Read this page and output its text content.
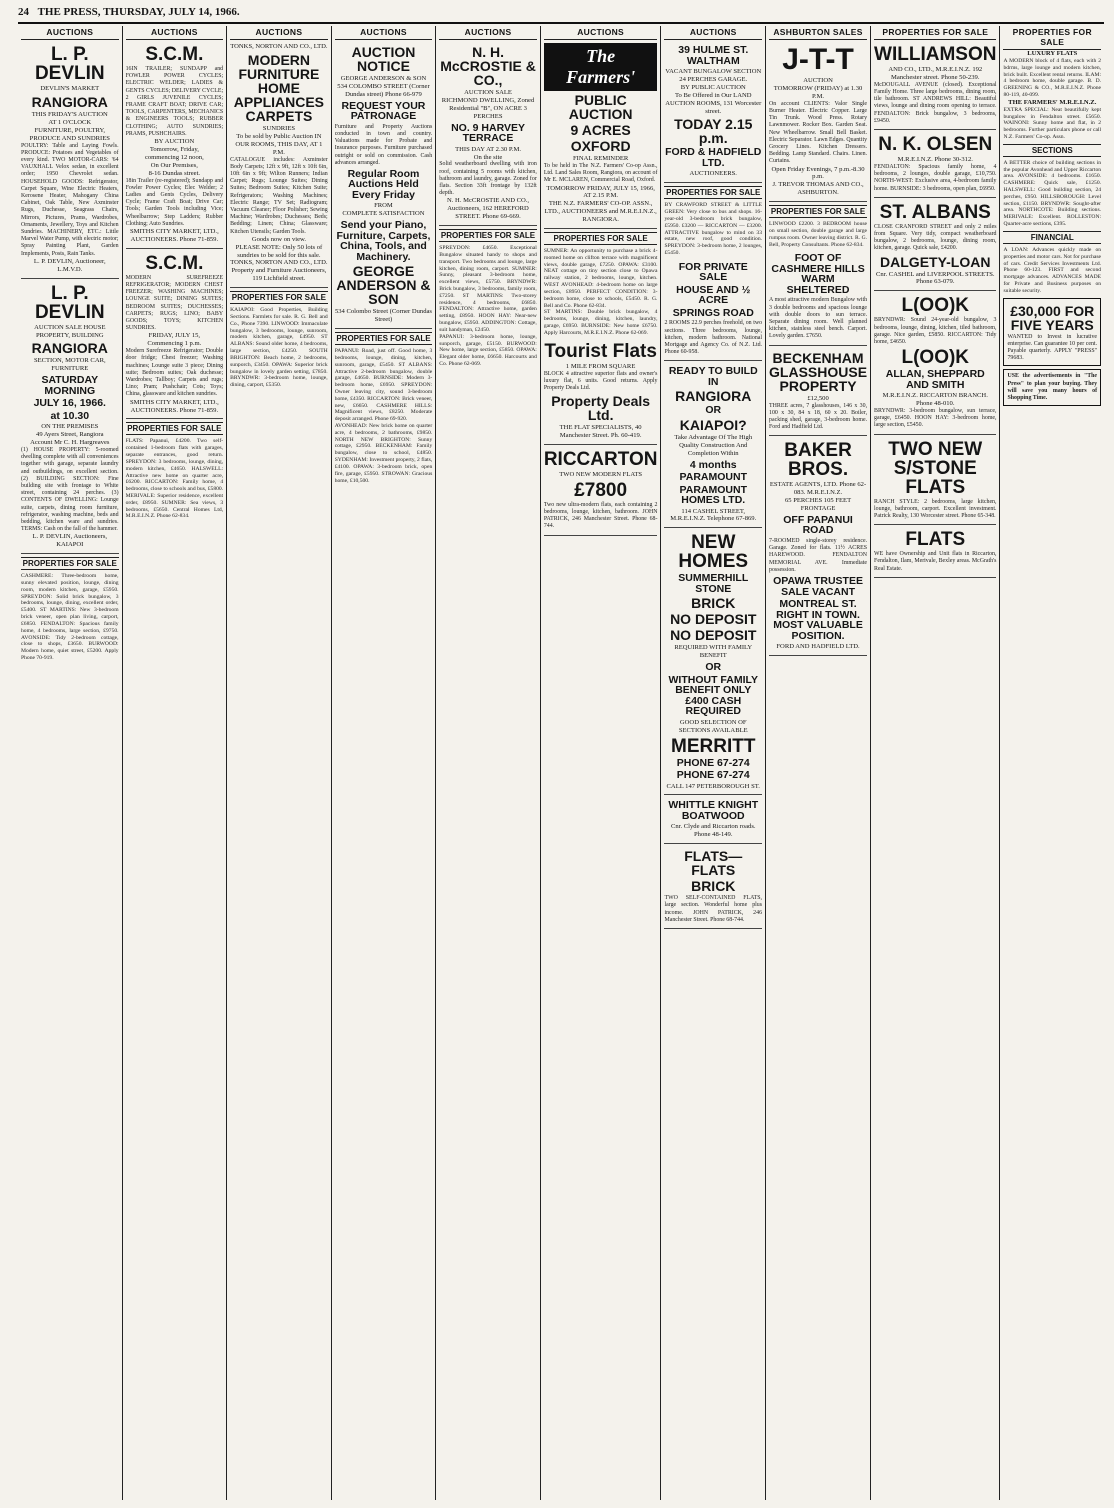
24 THE PRESS, THURSDAY, JULY 14, 1966.
AUCTIONS
L. P. DEVLIN
DEVLIN'S MARKET
RANGIORA
THIS FRIDAY'S AUCTION
AT 1 O'CLOCK
FURNITURE, POULTRY, PRODUCE AND SUNDRIES
POULTRY: Table and Laying Fowls. PRODUCE: Potatoes and Vegetables of every kind. TWO MOTOR-CARS: '64 VAUXHALL Velox sedan, in excellent order; 1950 Chevrolet sedan. HOUSEHOLD GOODS: Refrigerator, Carpet Square, Wine Electric Heaters, Kerosene Heater, Mahogany China Cabinet, Oak Table, New Axminster Rugs, Duchesse, Seagrass Chairs, Mirrors, Pictures, Prams, Wardrobes, Ornaments, Jewellery, Toys and Kitchen Sundries. MACHINERY, ETC.: Little Marvel Water Pump, with electric motor; Spray Painting Plant, Garden Implements, Posts, Rain Tanks.
L. P. DEVLIN, Auctioneer, L.M.V.D.
L. P. DEVLIN
AUCTION SALE HOUSE PROPERTY, BUILDING
RANGIORA
SECTION, MOTOR CAR, FURNITURE
SATURDAY MORNING
JULY 16, 1966.
at 10.30
ON THE PREMISES
49 Ayers Street, Rangiora
Account Mr C. H. Hargreaves
(1) HOUSE PROPERTY: 5-roomed dwelling complete with all conveniences together with garage, separate laundry and outbuildings, on excellent section. (2) BUILDING SECTION: Fine building site with frontage to White street, containing 24 perches. (3) CONTENTS OF DWELLING: Lounge suite, carpets, dining room furniture, refrigerator, washing machine, beds and bedding, kitchen ware and sundries. TERMS: Cash on the fall of the hammer.
L. P. DEVLIN, Auctioneers, KAIAPOI
PROPERTIES FOR SALE
CASHMERE: Three-bedroom home, sunny elevated position, lounge, dining room, modern kitchen, garage, £5950. SPREYDON: Solid brick bungalow, 3 bedrooms, lounge, dining, excellent order, £5400. ST MARTINS: New 3-bedroom brick veneer, open plan living, carport, £6850. FENDALTON: Spacious family home, 4 bedrooms, large section, £9750. AVONSIDE: Tidy 2-bedroom cottage, close to shops, £3650. BURWOOD: Modern home, quiet street, £5200. Apply Phone 70-919.
AUCTIONS
S.C.M.
16IN TRAILER; SUNDAPP and FOWLER POWER CYCLES; ELECTRIC WELDER; LADIES & GENTS CYCLES; DELIVERY CYCLE; 2 GIRLS JUVENILE CYCLES; FRAME CRAFT BOAT; DRIVE CAR; TOOLS, CARPENTERS, MECHANICS & ENGINEERS TOOLS; RUBBER CLOTHING; AUTO SUNDRIES; PRAMS, PUSHCHAIRS.
BY AUCTION
Tomorrow, Friday,
commencing 12 noon,
On Our Premises,
8-16 Dundas street.
18in Trailer (re-registered); Sundapp and Fowler Power Cycles; Elec Welder; 2 Ladies and Gents Cycles, Delivery Cycle; Frame Craft Boat; Drive Car; Tools; Garden Tools including Vice; Wheelbarrow; Step Ladders; Rubber Clothing; Auto Sundries.
SMITHS CITY MARKET, LTD., AUCTIONEERS. Phone 71-859.
S.C.M.
MODERN SUREFREEZE REFRIGERATOR; MODERN CHEST FREEZER; WASHING MACHINES; LOUNGE SUITE; DINING SUITES; BEDROOM SUITES; DUCHESSES; CARPETS; RUGS; LINO; BABY GOODS; TOYS; KITCHEN SUNDRIES.
FRIDAY, JULY 15,
Commencing 1 p.m.
Modern Surefreeze Refrigerator; Double door fridge; Chest freezer; Washing machines; Lounge suite 3 piece; Dining suite; Bedroom suites; Oak duchesse; Wardrobes; Tallboy; Carpets and rugs; Lino; Pram; Pushchair; Cots; Toys; China, glassware and kitchen sundries.
SMITHS CITY MARKET, LTD., AUCTIONEERS. Phone 71-859.
PROPERTIES FOR SALE
FLATS: Papanui, £4200. Two self-contained 1-bedroom flats with garages, separate entrances, good return. SPREYDON: 3 bedrooms, lounge, dining, modern kitchen, £4650. HALSWELL: Attractive new home on quarter acre, £6200. RICCARTON: Family home, 4 bedrooms, close to schools and bus, £5800. MERIVALE: Superior residence, excellent order, £8950. SUMNER: Sea views, 3 bedrooms, £5650. Central Homes Ltd, M.R.E.I.N.Z. Phone 62-834.
AUCTIONS
TONKS, NORTON AND CO., LTD.
MODERN FURNITURE HOME APPLIANCES CARPETS
SUNDRIES
To be sold by Public Auction IN OUR ROOMS, THIS DAY, AT 1 P.M.
CATALOGUE includes: Axminster Body Carpets; 12ft x 9ft, 12ft x 10ft 6in, 10ft 6in x 9ft; Wilton Runners; Indian Carpet; Rugs; Lounge Suites; Dining Suites; Bedroom Suites; Kitchen Suite; Refrigerators; Washing Machines; Electric Range; TV Set; Radiogram; Vacuum Cleaner; Floor Polisher; Sewing Machine; Wardrobes; Duchesses; Beds; Bedding; Linen; China; Glassware; Kitchen Utensils; Garden Tools.
Goods now on view.
PLEASE NOTE: Only 50 lots of sundries to be sold for this sale.
TONKS, NORTON AND CO., LTD. Property and Furniture Auctioneers, 119 Lichfield street.
PROPERTIES FOR SALE
KAIAPOI: Good Properties, Building Sections. Farmlets for sale. R. G. Bell and Co., Phone 7390. LINWOOD: Immaculate bungalow, 3 bedrooms, lounge, sunroom, modern kitchen, garage, £4950. ST ALBANS: Sound older home, 4 bedrooms, large section, £4250. SOUTH BRIGHTON: Beach home, 2 bedrooms, sunporch, £3450. OPAWA: Superior brick bungalow in lovely garden setting, £7850. BRYNDWR: 3-bedroom home, lounge, dining, carport, £5350.
AUCTIONS
AUCTION NOTICE
GEORGE ANDERSON & SON
534 COLOMBO STREET (Corner Dundas street) Phone 66-979
REQUEST YOUR PATRONAGE
Furniture and Property Auctions conducted in town and country. Valuations made for Probate and Insurance purposes. Furniture purchased outright or sold on commission. Cash advances arranged.
Regular Room Auctions Held Every Friday
FROM
COMPLETE SATISFACTION
Send your Piano, Furniture, Carpets, China, Tools, and Machinery.
GEORGE ANDERSON & SON
534 Colombo Street (Corner Dundas Street)
PROPERTIES FOR SALE
PAPANUI: Road, just off. Good home, 3 bedrooms, lounge, dining, kitchen, sunroom, garage, £5450. ST ALBANS: Attractive 2-bedroom bungalow, double garage, £4650. BURNSIDE: Modern 3-bedroom home, £6950. SPREYDON: Owner leaving city, sound 3-bedroom home, £4350. RICCARTON: Brick veneer, new, £6650. CASHMERE HILLS: Magnificent views, £8250. Moderate deposit arranged. Phone 69-920.
AVONHEAD: New brick home on quarter acre, 4 bedrooms, 2 bathrooms, £9850. NORTH NEW BRIGHTON: Sunny cottage, £2950. BECKENHAM: Family bungalow, close to school, £4850. SYDENHAM: Investment property, 2 flats, £4100. OPAWA: 3-bedroom brick, open fire, garage, £5950. STROWAN: Gracious home, £10,500.
AUCTIONS
N. H. McCROSTIE & CO.,
AUCTION SALE
RICHMOND DWELLING, Zoned Residential "B", ON ACRE 3 PERCHES
NO. 9 HARVEY TERRACE
THIS DAY AT 2.30 P.M.
On the site
Solid weatherboard dwelling with iron roof, containing 5 rooms with kitchen, bathroom and laundry, garage. Zoned for flats. Section 33ft frontage by 132ft depth.
N. H. McCROSTIE AND CO., Auctioneers, 162 HEREFORD STREET. Phone 69-669.
PROPERTIES FOR SALE
SPREYDON: £4650. Exceptional Bungalow situated handy to shops and transport. Two bedrooms and lounge, large kitchen, dining room, carport. SUMNER: Sunny, pleasant 3-bedroom home, excellent views, £5750. BRYNDWR: Brick bungalow, 3 bedrooms, family room, £7250. ST MARTINS: Two-storey residence, 4 bedrooms, £6850. FENDALTON: Attractive home, garden setting, £8950. HOON HAY: Near-new bungalow, £5950. ADDINGTON: Cottage, suit handyman, £2450.
PAPANUI: 3-bedroom home, lounge, sunporch, garage, £5150. BURWOOD: New home, large section, £5850. OPAWA: Elegant older home, £6650. Harcourts and Co. Phone 62-069.
AUCTIONS
The Farmers'
PUBLIC AUCTION
9 ACRES
OXFORD
FINAL REMINDER
To be held in The N.Z. Farmers' Co-op Assn., Ltd. Land Sales Room, Rangiora, on account of Mr E. MCLAREN, Commercial Road, Oxford.
TOMORROW FRIDAY, JULY 15, 1966, AT 2.15 P.M.
THE N.Z. FARMERS' CO-OP. ASSN., LTD., AUCTIONEERS and M.R.E.I.N.Z., RANGIORA.
PROPERTIES FOR SALE
SUMNER: An opportunity to purchase a brick 4-roomed home on clifton terrace with magnificent views, double garage, £7250. OPAWA: £3100. NEAT cottage on tiny section close to Opawa railway station, 2 bedrooms, lounge, kitchen. WEST AVONHEAD: 4-bedroom home on large section, £8950. PERFECT CONDITION: 3-bedroom home, close to schools, £5450. R. G. Bell and Co. Phone 62-834.
ST MARTINS: Double brick bungalow, 4 bedrooms, lounge, dining, kitchen, laundry, garage, £6950. BURNSIDE: New home £6750. Apply Harcourts, M.R.E.I.N.Z. Phone 62-069.
Tourist Flats
1 MILE FROM SQUARE
BLOCK 4 attractive superior flats and owner's luxury flat, 6 units. Good returns. Apply Property Deals Ltd.
Property Deals Ltd.
THE FLAT SPECIALISTS, 40 Manchester Street. Ph. 60-419.
RICCARTON
TWO NEW MODERN FLATS
£7800
Two new ultra-modern flats, each containing 2 bedrooms, lounge, kitchen, bathroom. JOHN PATRICK, 246 Manchester Street. Phone 68-744.
AUCTIONS
39 HULME ST. WALTHAM
VACANT BUNGALOW SECTION 24 PERCHES GARAGE.
BY PUBLIC AUCTION
To Be Offered in Our LAND AUCTION ROOMS, 131 Worcester street.
TODAY 2.15 p.m.
FORD & HADFIELD LTD.
AUCTIONEERS.
PROPERTIES FOR SALE
BY CRAWFORD STREET & LITTLE GREEN: Very close to bus and shops. 16-year-old 3-bedroom brick bungalow, £5950. £3200 — RICCARTON — £3200. ATTRACTIVE bungalow to mind on 33 estate, new roof, good condition. SPREYDON: 3-bedroom home, 2 lounges, £5450.
FOR PRIVATE SALE
HOUSE AND ½ ACRE
SPRINGS ROAD
2 ROOMS 22.9 perches freehold, on two sections. Three bedrooms, lounge, kitchen, modern bathroom. National Mortgage and Agency Co. of N.Z. Ltd. Phone 60-958.
READY TO BUILD IN
RANGIORA
OR
KAIAPOI?
Take Advantage Of The High Quality Construction And Completion Within
4 months
PARAMOUNT
PARAMOUNT HOMES LTD.
114 CASHEL STREET, M.R.E.I.N.Z. Telephone 67-869.
NEW HOMES
SUMMERHILL STONE
BRICK
NO DEPOSIT
NO DEPOSIT
REQUIRED WITH FAMILY BENEFIT
OR
WITHOUT FAMILY BENEFIT ONLY £400 CASH REQUIRED
GOOD SELECTION OF SECTIONS AVAILABLE
MERRITT
PHONE 67-274
PHONE 67-274
CALL 147 PETERBOROUGH ST.
WHITTLE KNIGHT BOATWOOD
Cnr. Clyde and Riccarton roads. Phone 48-149.
FLATS—FLATS
BRICK
TWO SELF-CONTAINED FLATS, large section. Wonderful home plus income. JOHN PATRICK, 246 Manchester Street. Phone 68-744.
ASHBURTON SALES
J-T-T
AUCTION
TOMORROW (FRIDAY) at 1.30 P.M.
On account CLIENTS: Valor Single Burner Heater. Electric Copper. Large Tin Trunk. Wood Press. Rotary Lawnmower. Rocker Box. Garden Seat. New Wheelbarrow. Small Bell Basket. Electric Separator. Lawn Edges. Quantity Grocery Lines. Kitchen Dressers. Bedding. Lamp Standard. Chairs. Linen. Curtains.
Open Friday Evenings, 7 p.m.-8.30 p.m.
J. TREVOR THOMAS AND CO., ASHBURTON.
PROPERTIES FOR SALE
LINWOOD £2200. 3 BEDROOM house on small section, double garage and large rumpus room. Owner leaving district. R. G. Bell, Property Consultants. Phone 62-834.
FOOT OF CASHMERE HILLS WARM SHELTERED
A most attractive modern Bungalow with 3 double bedrooms and spacious lounge with double doors to sun terrace. Separate dining room. Well planned kitchen, stainless steel bench. Carport. Lovely garden. £7650.
BECKENHAM GLASSHOUSE PROPERTY
£12,500
THREE acres, 7 glasshouses, 146 x 30, 100 x 30, 84 x 18, 60 x 20. Boiler, packing shed, garage, 3-bedroom home. Ford and Hadfield Ltd.
BAKER BROS.
ESTATE AGENTS, LTD. Phone 62-083. M.R.E.I.N.Z.
65 PERCHES 105 FEET FRONTAGE
OFF PAPANUI ROAD
7-ROOMED single-storey residence. Garage. Zoned for flats. 11½ ACRES HAREWOOD. FENDALTON MEMORIAL AVE. Immediate possession.
OPAWA TRUSTEE SALE VACANT
MONTREAL ST. RIGHT IN TOWN. MOST VALUABLE POSITION.
FORD AND HADFIELD LTD.
PROPERTIES FOR SALE
WILLIAMSON
AND CO., LTD., M.R.E.I.N.Z. 192 Manchester street. Phone 50-239.
McDOUGALL AVENUE (closed). Exceptional Family Home. Three large bedrooms, dining room, tile bathroom. ST ANDREWS HILL: Beautiful views, lounge and dining room opening to terrace. FENDALTON: Brick bungalow, 3 bedrooms, £9450.
N. K. OLSEN
M.R.E.I.N.Z. Phone 30-312.
FENDALTON: Spacious family home, 4 bedrooms, 2 lounges, double garage, £10,750. NORTH-WEST: Exclusive area, 4-bedroom family home. BURNSIDE: 3 bedrooms, open plan, £6950.
ST. ALBANS
CLOSE CRANFORD STREET and only 2 miles from Square. Very tidy, compact weatherboard bungalow, 2 bedrooms, lounge, dining room, kitchen, garage. Quick sale, £4200.
DALGETY-LOAN
Cnr. CASHEL and LIVERPOOL STREETS. Phone 63-079.
L(OO)K
BRYNDWR: Sound 24-year-old bungalow, 3 bedrooms, lounge, dining, kitchen, tiled bathroom, garage. Nice garden, £5850. RICCARTON: Tidy home, £4650.
L(OO)K
ALLAN, SHEPPARD AND SMITH
M.R.E.I.N.Z. RICCARTON BRANCH. Phone 48-010.
BRYNDWR: 3-bedroom bungalow, sun terrace, garage, £6450. HOON HAY: 3-bedroom home, large section, £5450.
TWO NEW S/STONE FLATS
RANCH STYLE: 2 bedrooms, large kitchen, lounge, bathroom, carport. Excellent investment. Patrick Realty, 130 Worcester street. Phone 65-348.
FLATS
WE have Ownership and Unit flats in Riccarton, Fendalton, Ilam, Merivale, Bexley areas. McGrath's Real Estate.
PROPERTIES FOR SALE
LUXURY FLATS
A MODERN block of 4 flats, each with 2 bdrms, large lounge and modern kitchen, brick built. Excellent rental returns. ILAM: 4 bedroom home, double garage. B. D. GREENING & CO., M.R.E.I.N.Z. Phone 80-119, 40-099.
THE FARMERS' M.R.E.I.N.Z.
EXTRA SPECIAL: Neat beautifully kept bungalow in Fendalton street. £5650. WAINONI: Sunny home and flat, in 2 bedrooms. Further particulars phone or call N.Z. Farmers' Co-op. Assn.
SECTIONS
A BETTER choice of building sections in the popular Avonhead and Upper Riccarton area. AVONSIDE: 4 bedrooms. £1650. CASHMERE: Quick sale, £1250. HALSWELL: Good building section, 24 perches, £950. HILLSBOROUGH: Level section, £1150. BRYNDWR: Sought-after area. NORTHCOTE: Building sections. MERIVALE: Excellent. ROLLESTON: Quarter-acre sections, £395.
FINANCIAL
A LOAN: Advances quickly made on properties and motor cars. Not for purchase of cars. Credit Services Investments Ltd. Phone 60-123. FIRST and second mortgage advances. ADVANCES MADE for Private and Business purposes on suitable security.
£30,000 FOR FIVE YEARS
WANTED to Invest in lucrative enterprise. Can guarantee 10 per cent. Payable quarterly. APPLY "PRESS" 79683.
USE the advertisements in "The Press" to plan your buying. They will save you many hours of Shopping Time.
